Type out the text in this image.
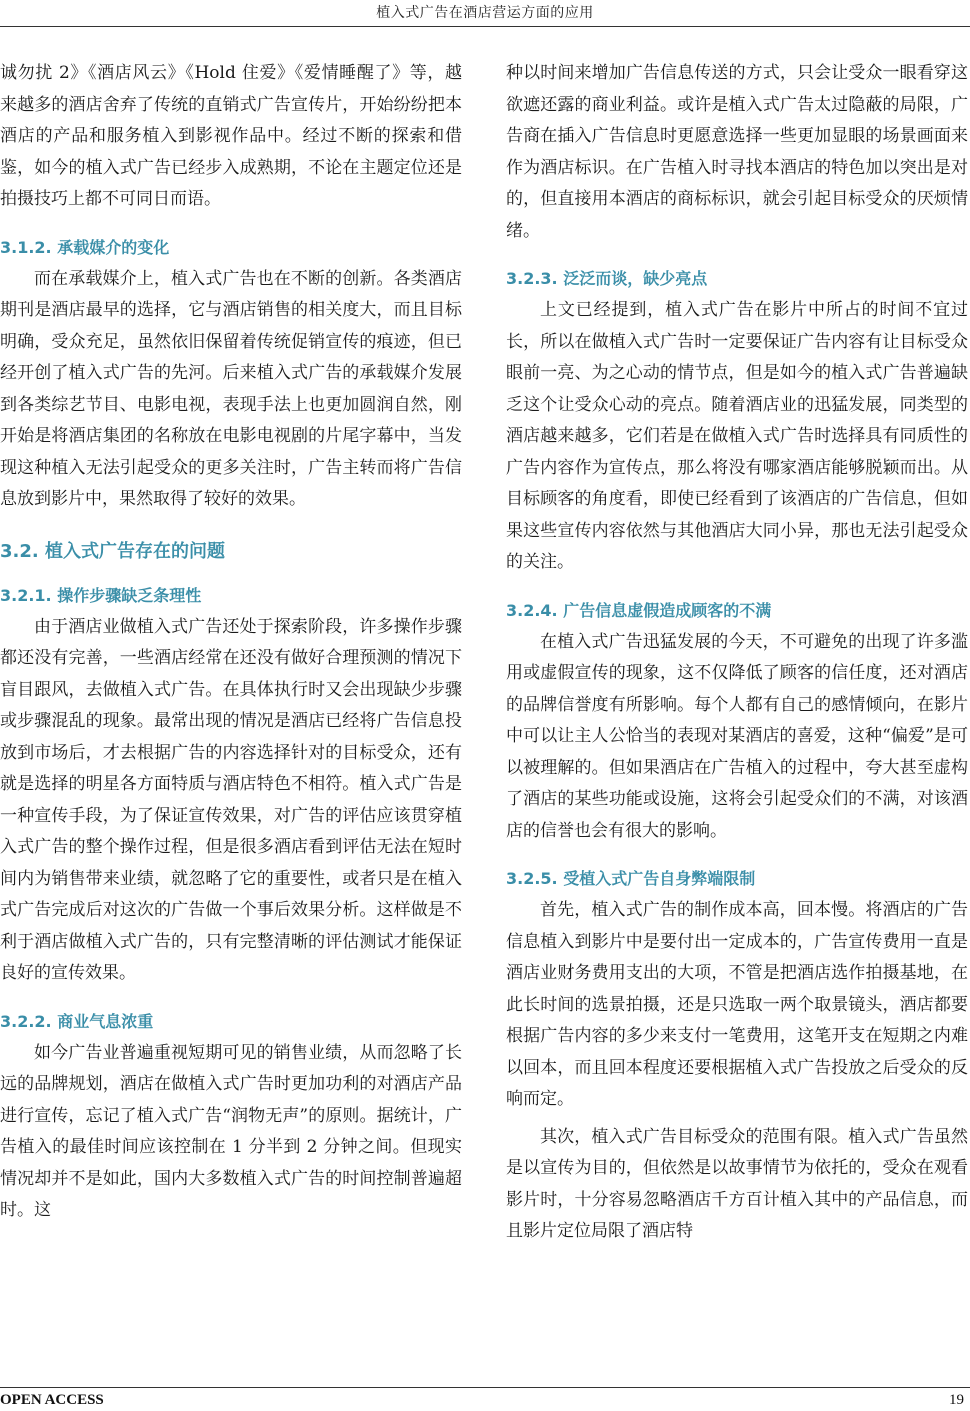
植入式广告在酒店营运方面的应用

诚勿扰 2》《酒店风云》《Hold 住爱》《爱情睡醒了》等，越来越多的酒店舍弃了传统的直销式广告宣传片，开始纷纷把本酒店的产品和服务植入到影视作品中。经过不断的探索和借鉴，如今的植入式广告已经步入成熟期，不论在主题定位还是拍摄技巧上都不可同日而语。

3.1.2. 承载媒介的变化

而在承载媒介上，植入式广告也在不断的创新。各类酒店期刊是酒店最早的选择，它与酒店销售的相关度大，而且目标明确，受众充足，虽然依旧保留着传统促销宣传的痕迹，但已经开创了植入式广告的先河。后来植入式广告的承载媒介发展到各类综艺节目、电影电视，表现手法上也更加圆润自然，刚开始是将酒店集团的名称放在电影电视剧的片尾字幕中，当发现这种植入无法引起受众的更多关注时，广告主转而将广告信息放到影片中，果然取得了较好的效果。

3.2. 植入式广告存在的问题
3.2.1. 操作步骤缺乏条理性

由于酒店业做植入式广告还处于探索阶段，许多操作步骤都还没有完善，一些酒店经常在还没有做好合理预测的情况下盲目跟风，去做植入式广告。在具体执行时又会出现缺少步骤或步骤混乱的现象。最常出现的情况是酒店已经将广告信息投放到市场后，才去根据广告的内容选择针对的目标受众，还有就是选择的明星各方面特质与酒店特色不相符。植入式广告是一种宣传手段，为了保证宣传效果，对广告的评估应该贯穿植入式广告的整个操作过程，但是很多酒店看到评估无法在短时间内为销售带来业绩，就忽略了它的重要性，或者只是在植入式广告完成后对这次的广告做一个事后效果分析。这样做是不利于酒店做植入式广告的，只有完整清晰的评估测试才能保证良好的宣传效果。

3.2.2. 商业气息浓重

如今广告业普遍重视短期可见的销售业绩，从而忽略了长远的品牌规划，酒店在做植入式广告时更加功利的对酒店产品进行宣传，忘记了植入式广告“润物无声”的原则。据统计，广告植入的最佳时间应该控制在 1 分半到 2 分钟之间。但现实情况却并不是如此，国内大多数植入式广告的时间控制普遍超时。这

种以时间来增加广告信息传送的方式，只会让受众一眼看穿这欲遮还露的商业利益。或许是植入式广告太过隐蔽的局限，广告商在插入广告信息时更愿意选择一些更加显眼的场景画面来作为酒店标识。在广告植入时寻找本酒店的特色加以突出是对的，但直接用本酒店的商标标识，就会引起目标受众的厌烦情绪。

3.2.3. 泛泛而谈，缺少亮点

上文已经提到，植入式广告在影片中所占的时间不宜过长，所以在做植入式广告时一定要保证广告内容有让目标受众眼前一亮、为之心动的情节点，但是如今的植入式广告普遍缺乏这个让受众心动的亮点。随着酒店业的迅猛发展，同类型的酒店越来越多，它们若是在做植入式广告时选择具有同质性的广告内容作为宣传点，那么将没有哪家酒店能够脱颖而出。从目标顾客的角度看，即使已经看到了该酒店的广告信息，但如果这些宣传内容依然与其他酒店大同小异，那也无法引起受众的关注。

3.2.4. 广告信息虚假造成顾客的不满

在植入式广告迅猛发展的今天，不可避免的出现了许多滥用或虚假宣传的现象，这不仅降低了顾客的信任度，还对酒店的品牌信誉度有所影响。每个人都有自己的感情倾向，在影片中可以让主人公恰当的表现对某酒店的喜爱，这种“偏爱”是可以被理解的。但如果酒店在广告植入的过程中，夸大甚至虚构了酒店的某些功能或设施，这将会引起受众们的不满，对该酒店的信誉也会有很大的影响。

3.2.5. 受植入式广告自身弊端限制

首先，植入式广告的制作成本高，回本慢。将酒店的广告信息植入到影片中是要付出一定成本的，广告宣传费用一直是酒店业财务费用支出的大项，不管是把酒店选作拍摄基地，在此长时间的选景拍摄，还是只选取一两个取景镜头，酒店都要根据广告内容的多少来支付一笔费用，这笔开支在短期之内难以回本，而且回本程度还要根据植入式广告投放之后受众的反响而定。

其次，植入式广告目标受众的范围有限。植入式广告虽然是以宣传为目的，但依然是以故事情节为依托的，受众在观看影片时，十分容易忽略酒店千方百计植入其中的产品信息，而且影片定位局限了酒店特

OPEN ACCESS	19
